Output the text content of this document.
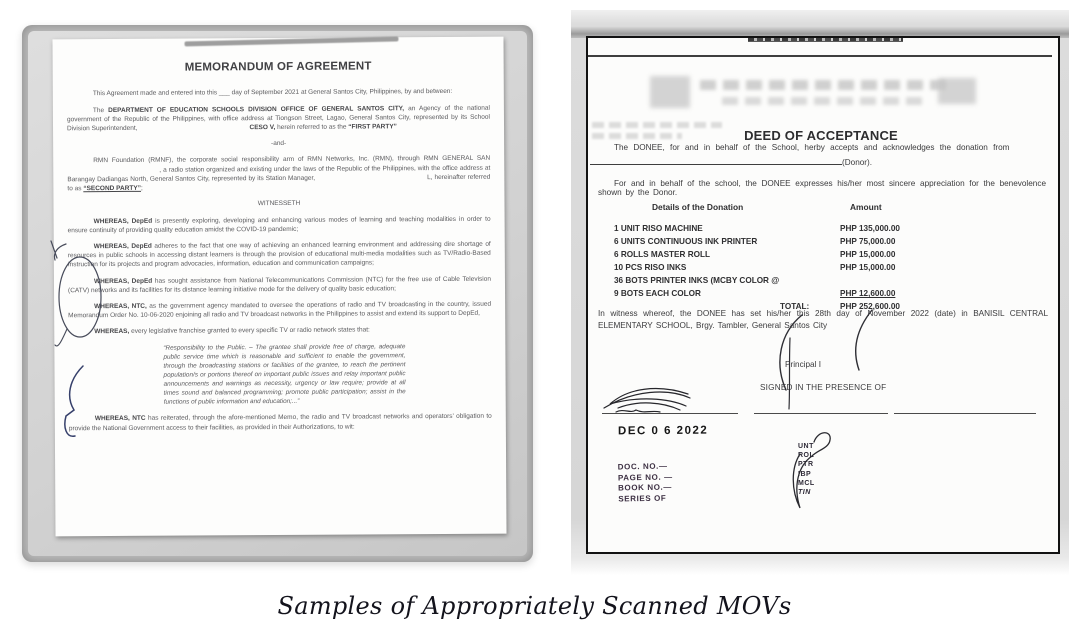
MEMORANDUM OF AGREEMENT

This Agreement made and entered into this ___ day of September 2021 at General Santos City, Philippines, by and between:

The DEPARTMENT OF EDUCATION SCHOOLS DIVISION OFFICE OF GENERAL SANTOS CITY, an Agency of the national government of the Republic of the Philippines, with office address at Tiongson Street, Lagao, General Santos City, represented by its School Division Superintendent,	CESO V, herein referred to as the “FIRST PARTY”

-and-

RMN Foundation (RMNF), the corporate social responsibility arm of RMN Networks, Inc. (RMN), through RMN GENERAL SAN, a radio station organized and existing under the laws of the Republic of the Philippines, with the office address at Barangay Dadiangas North, General Santos City, represented by its Station Manager,	L, hereinafter referred to as “SECOND PARTY”;

WITNESSETH

WHEREAS, DepEd is presently exploring, developing and enhancing various modes of learning and teaching modalities in order to ensure continuity of providing quality education amidst the COVID-19 pandemic;

WHEREAS, DepEd adheres to the fact that one way of achieving an enhanced learning environment and addressing dire shortage of resources in public schools in accessing distant learners is through the provision of educational multi-media modalities such as TV/Radio-Based Instruction for its projects and program advocacies, information, education and communication campaigns;

WHEREAS, DepEd has sought assistance from National Telecommunications Commission (NTC) for the free use of Cable Television (CATV) networks and its facilities for its distance learning initiative mode for the delivery of quality basic education;

WHEREAS, NTC, as the government agency mandated to oversee the operations of radio and TV broadcasting in the country, issued Memorandum Order No. 10-06-2020 enjoining all radio and TV broadcast networks in the Philippines to assist and extend its support to DepEd,

WHEREAS, every legislative franchise granted to every specific TV or radio network states that:

“Responsibility to the Public. – The grantee shall provide free of charge, adequate public service time which is reasonable and sufficient to enable the government, through the broadcasting stations or facilities of the grantee, to reach the pertinent population/s or portions thereof on important public issues and relay important public announcements and warnings as necessity, urgency or law require; provide at all times sound and balanced programming; promote public participation; assist in the functions of public information and education;...”

WHEREAS, NTC has reiterated, through the afore-mentioned Memo, the radio and TV broadcast networks and operators’ obligation to provide the National Government access to their facilities, as provided in their Authorizations, to wit:

DEED OF ACCEPTANCE
The DONEE, for and in behalf of the School, herby accepts and acknowledges the donation from
(Donor).
For and in behalf of the school, the DONEE expresses his/her most sincere appreciation for the benevolence shown by the Donor.
Details of the Donation	Amount
1 UNIT RISO MACHINE	PHP 135,000.00
6 UNITS CONTINUOUS INK PRINTER	PHP 75,000.00
6 ROLLS MASTER ROLL	PHP 15,000.00
10 PCS RISO INKS	PHP 15,000.00
36 BOTS PRINTER INKS (MCBY COLOR @
9 BOTS EACH COLOR	PHP 12,600.00
TOTAL:	PHP 252,600.00
In witness whereof, the DONEE has set his/her this 28th day of November 2022 (date) in BANISIL CENTRAL ELEMENTARY SCHOOL, Brgy. Tambler, General Santos City
Principal I
SIGNED IN THE PRESENCE OF
DEC 0 6 2022
DOC. NO.—
PAGE NO. —
BOOK NO.—
SERIES OF
UNT
ROL
PTR
IBP
MCL
TIN
Samples of Appropriately Scanned MOVs
